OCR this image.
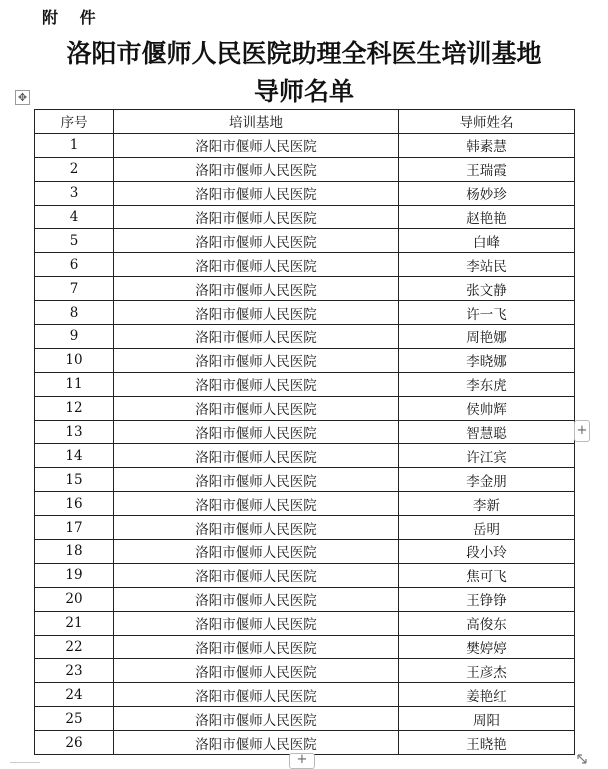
附 件
洛阳市偃师人民医院助理全科医生培训基地
导师名单
✥
序号	培训基地	导师姓名
1	洛阳市偃师人民医院	韩素慧
2	洛阳市偃师人民医院	王瑞霞
3	洛阳市偃师人民医院	杨妙珍
4	洛阳市偃师人民医院	赵艳艳
5	洛阳市偃师人民医院	白峰
6	洛阳市偃师人民医院	李站民
7	洛阳市偃师人民医院	张文静
8	洛阳市偃师人民医院	许一飞
9	洛阳市偃师人民医院	周艳娜
10	洛阳市偃师人民医院	李晓娜
11	洛阳市偃师人民医院	李东虎
12	洛阳市偃师人民医院	侯帅辉
13	洛阳市偃师人民医院	智慧聪
14	洛阳市偃师人民医院	许江宾
15	洛阳市偃师人民医院	李金朋
16	洛阳市偃师人民医院	李新
17	洛阳市偃师人民医院	岳明
18	洛阳市偃师人民医院	段小玲
19	洛阳市偃师人民医院	焦可飞
20	洛阳市偃师人民医院	王铮铮
21	洛阳市偃师人民医院	高俊东
22	洛阳市偃师人民医院	樊婷婷
23	洛阳市偃师人民医院	王彦杰
24	洛阳市偃师人民医院	姜艳红
25	洛阳市偃师人民医院	周阳
26	洛阳市偃师人民医院	王晓艳
+
+
